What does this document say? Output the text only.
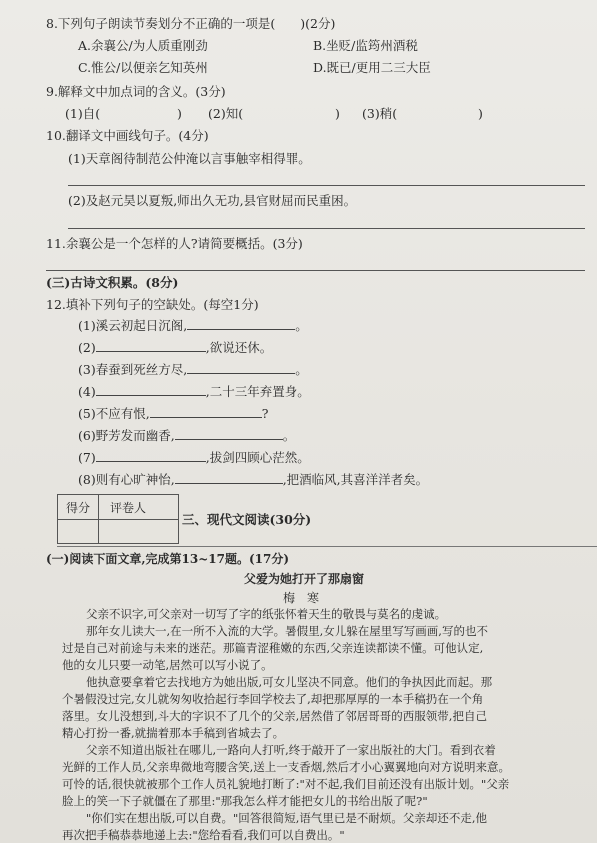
8.下列句子朗读节奏划分不正确的一项是(　　)(2分)
A.余襄公/为人质重刚劲	B.坐贬/监筠州酒税
C.惟公/以便亲乞知英州	D.既已/更用二三大臣
9.解释文中加点词的含义。(3分)
(1)自(	) (2)知(	) (3)稍(	)
10.翻译文中画线句子。(4分)
(1)天章阁待制范公仲淹以言事触宰相得罪。
(2)及赵元昊以夏叛,师出久无功,县官财屈而民重困。
11.余襄公是一个怎样的人?请简要概括。(3分)
(三)古诗文积累。(8分)
12.填补下列句子的空缺处。(每空1分)
(1)溪云初起日沉阁,	。
(2)	,欲说还休。
(3)春蚕到死丝方尽,	。
(4)	,二十三年弃置身。
(5)不应有恨,	?
(6)野芳发而幽香,	。
(7)	,拔剑四顾心茫然。
(8)则有心旷神怡,	,把酒临风,其喜洋洋者矣。
得分 评卷人
三、现代文阅读(30分)
(一)阅读下面文章,完成第13~17题。(17分)
父爱为她打开了那扇窗
梅　寒
父亲不识字,可父亲对一切写了字的纸张怀着天生的敬畏与莫名的虔诚。
那年女儿读大一,在一所不入流的大学。暑假里,女儿躲在屋里写写画画,写的也不
过是自己对前途与未来的迷茫。那篇青涩稚嫩的东西,父亲连读都读不懂。可他认定,
他的女儿只要一动笔,居然可以写小说了。
他执意要拿着它去找地方为她出版,可女儿坚决不同意。他们的争执因此而起。那
个暑假没过完,女儿就匆匆收拾起行李回学校去了,却把那厚厚的一本手稿扔在一个角
落里。女儿没想到,斗大的字识不了几个的父亲,居然借了邻居哥哥的西服领带,把自己
精心打扮一番,就揣着那本手稿到省城去了。
父亲不知道出版社在哪儿,一路向人打听,终于敲开了一家出版社的大门。看到衣着
光鲜的工作人员,父亲卑微地弯腰含笑,送上一支香烟,然后才小心翼翼地向对方说明来意。
可怜的话,很快就被那个工作人员礼貌地打断了:"对不起,我们目前还没有出版计划。"父亲
脸上的笑一下子就僵在了那里:"那我怎么样才能把女儿的书给出版了呢?"
"你们实在想出版,可以自费。"回答很简短,语气里已是不耐烦。父亲却还不走,他
再次把手稿恭恭地递上去:"您给看看,我们可以自费出。"
